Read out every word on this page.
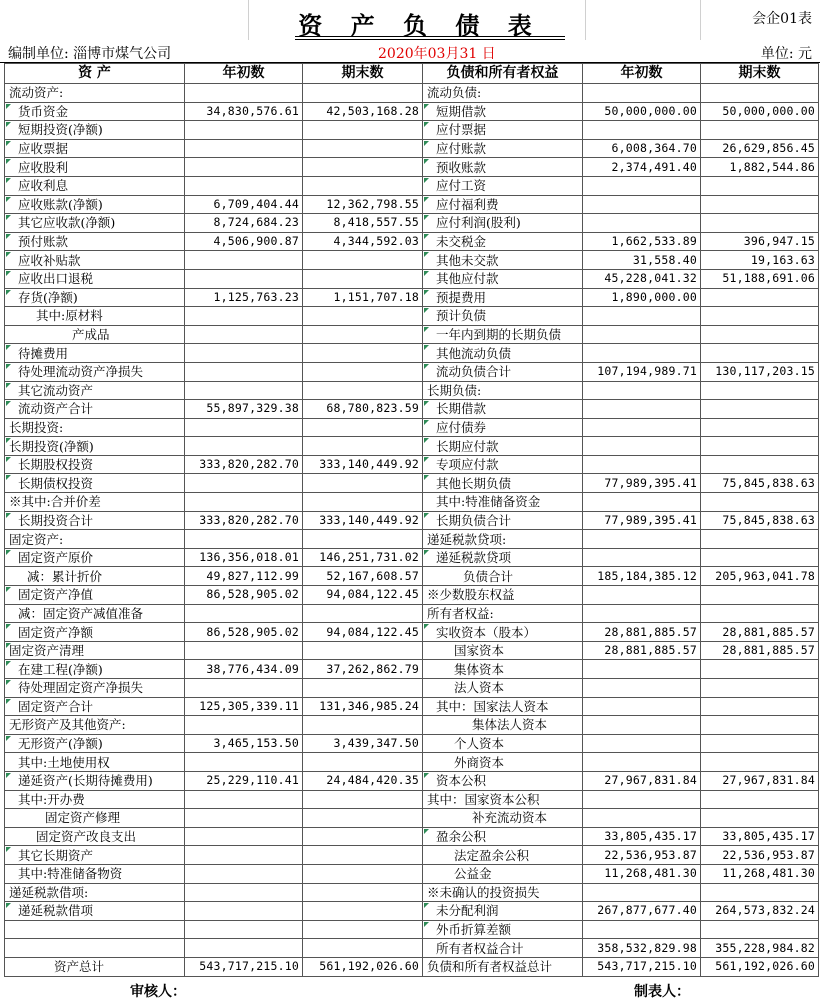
资 产 负 债 表	会企01表
编制单位: 淄博市煤气公司	2020年03月31 日	单位: 元
资 产	年初数	期末数	负债和所有者权益	年初数	期末数
流动资产:			流动负债:		
货币资金	34,830,576.61	42,503,168.28	短期借款	50,000,000.00	50,000,000.00
短期投资(净额)			应付票据		
应收票据			应付账款	6,008,364.70	26,629,856.45
应收股利			预收账款	2,374,491.40	1,882,544.86
应收利息			应付工资		
应收账款(净额)	6,709,404.44	12,362,798.55	应付福利费		
其它应收款(净额)	8,724,684.23	8,418,557.55	应付利润(股利)		
预付账款	4,506,900.87	4,344,592.03	未交税金	1,662,533.89	396,947.15
应收补贴款			其他未交款	31,558.40	19,163.63
应收出口退税			其他应付款	45,228,041.32	51,188,691.06
存货(净额)	1,125,763.23	1,151,707.18	预提费用	1,890,000.00	
其中:原材料			预计负债		
产成品			一年内到期的长期负债		
待摊费用			其他流动负债		
待处理流动资产净损失			流动负债合计	107,194,989.71	130,117,203.15
其它流动资产			长期负债:		
流动资产合计	55,897,329.38	68,780,823.59	长期借款		
长期投资:			应付债券		
长期投资(净额)			长期应付款		
长期股权投资	333,820,282.70	333,140,449.92	专项应付款		
长期债权投资			其他长期负债	77,989,395.41	75,845,838.63
※其中:合并价差			其中:特准储备资金		
长期投资合计	333,820,282.70	333,140,449.92	长期负债合计	77,989,395.41	75,845,838.63
固定资产:			递延税款贷项:		
固定资产原价	136,356,018.01	146,251,731.02	递延税款贷项		
减：累计折价	49,827,112.99	52,167,608.57	负债合计	185,184,385.12	205,963,041.78
固定资产净值	86,528,905.02	94,084,122.45	※少数股东权益		
减：固定资产减值准备			所有者权益:		
固定资产净额	86,528,905.02	94,084,122.45	实收资本（股本）	28,881,885.57	28,881,885.57
固定资产清理			国家资本	28,881,885.57	28,881,885.57
在建工程(净额)	38,776,434.09	37,262,862.79	集体资本		
待处理固定资产净损失			法人资本		
固定资产合计	125,305,339.11	131,346,985.24	其中：国家法人资本		
无形资产及其他资产:			集体法人资本		
无形资产(净额)	3,465,153.50	3,439,347.50	个人资本		
其中:土地使用权			外商资本		
递延资产(长期待摊费用)	25,229,110.41	24,484,420.35	资本公积	27,967,831.84	27,967,831.84
其中:开办费			其中：国家资本公积		
固定资产修理			补充流动资本		
固定资产改良支出			盈余公积	33,805,435.17	33,805,435.17
其它长期资产			法定盈余公积	22,536,953.87	22,536,953.87
其中:特准储备物资			公益金	11,268,481.30	11,268,481.30
递延税款借项:			※未确认的投资损失		
递延税款借项			未分配利润	267,877,677.40	264,573,832.24
			外币折算差额		
			所有者权益合计	358,532,829.98	355,228,984.82
资产总计	543,717,215.10	561,192,026.60	负债和所有者权益总计	543,717,215.10	561,192,026.60
审核人：	制表人：
